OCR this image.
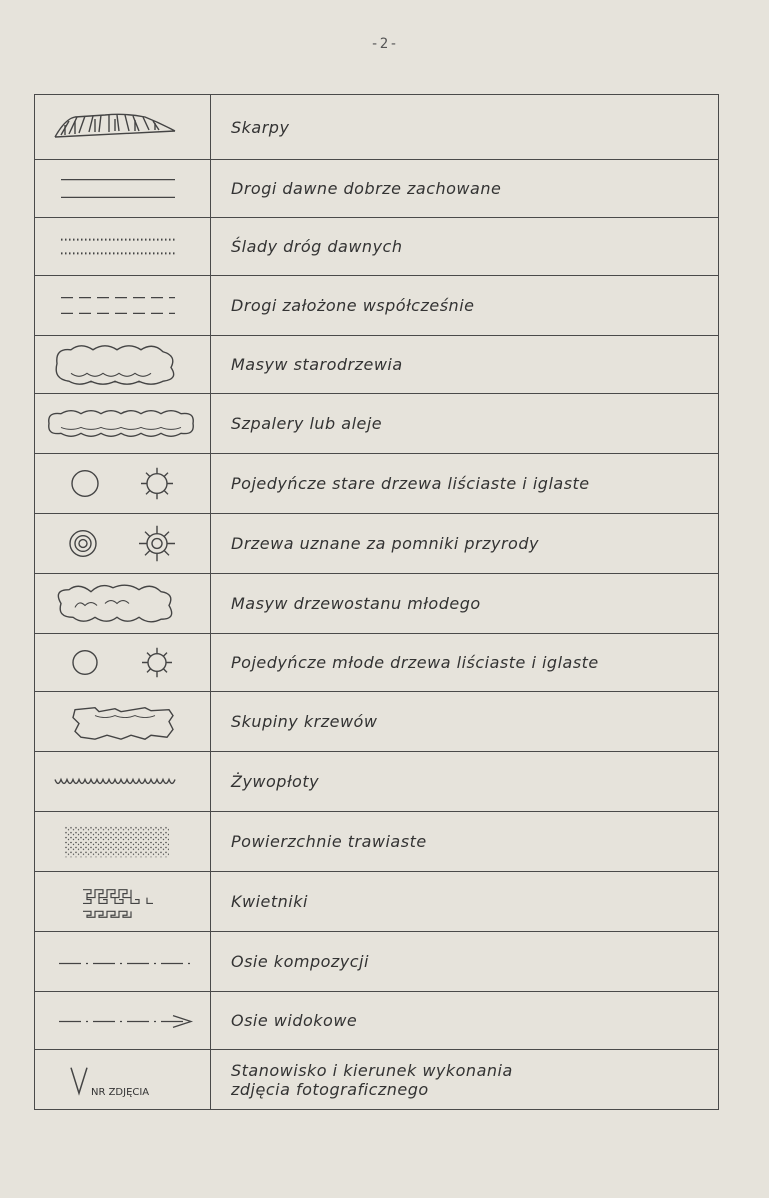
-2-
Skarpy
Drogi dawne dobrze zachowane
Ślady dróg dawnych
Drogi założone współcześnie
Masyw starodrzewia
Szpalery lub aleje
Pojedyńcze stare drzewa liściaste i iglaste
Drzewa uznane za pomniki przyrody
Masyw drzewostanu młodego
Pojedyńcze młode drzewa liściaste i iglaste
Skupiny krzewów
Żywopłoty
Powierzchnie trawiaste
Kwietniki
Osie kompozycji
Osie widokowe
NR ZDJĘCIA
Stanowisko i kierunek wykonania
zdjęcia fotograficznego
